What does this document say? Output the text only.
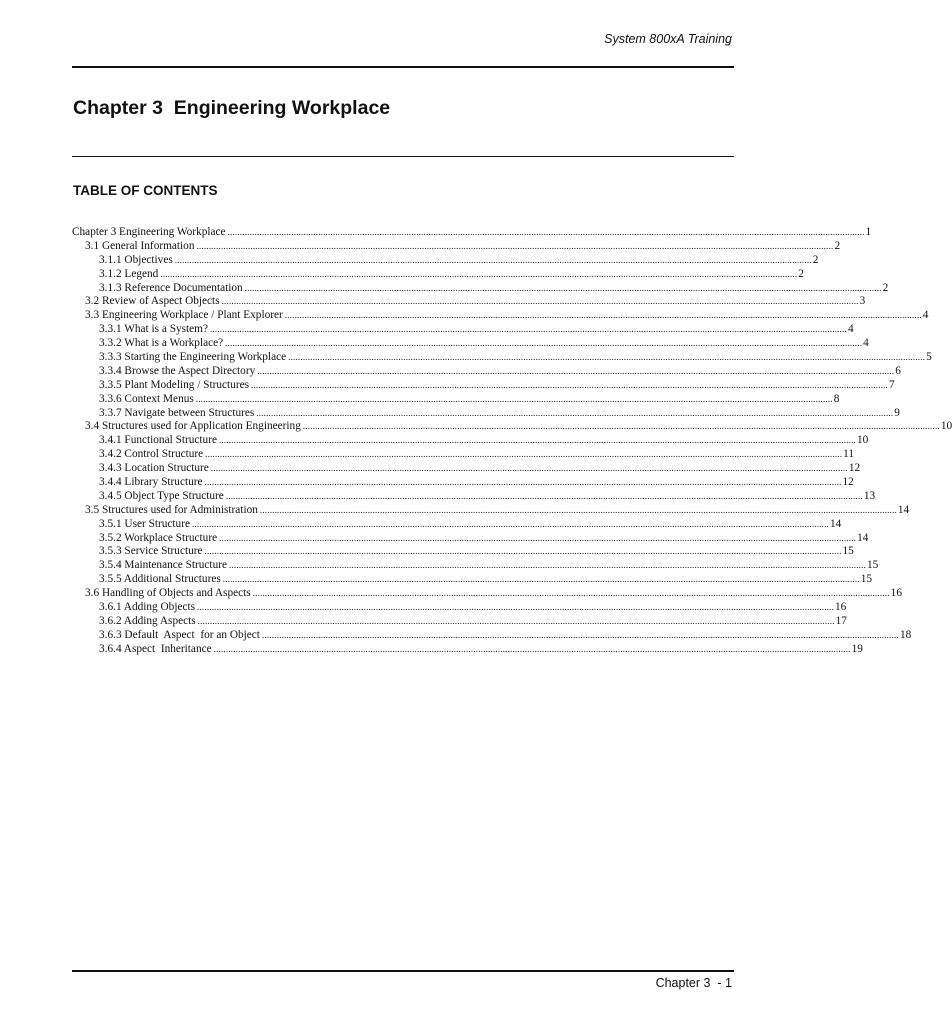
System 800xA Training
Chapter 3  Engineering Workplace
TABLE OF CONTENTS
Chapter 3 Engineering Workplace .................................................................................................................................................................................................................................................................... 1
3.1 General Information .................................................................................................................................................................................................................................................................... 2
3.1.1 Objectives .................................................................................................................................................................................................................................................................... 2
3.1.2 Legend .................................................................................................................................................................................................................................................................... 2
3.1.3 Reference Documentation .................................................................................................................................................................................................................................................................... 2
3.2 Review of Aspect Objects .................................................................................................................................................................................................................................................................... 3
3.3 Engineering Workplace / Plant Explorer .................................................................................................................................................................................................................................................................... 4
3.3.1 What is a System? .................................................................................................................................................................................................................................................................... 4
3.3.2 What is a Workplace? .................................................................................................................................................................................................................................................................... 4
3.3.3 Starting the Engineering Workplace .................................................................................................................................................................................................................................................................... 5
3.3.4 Browse the Aspect Directory .................................................................................................................................................................................................................................................................... 6
3.3.5 Plant Modeling / Structures .................................................................................................................................................................................................................................................................... 7
3.3.6 Context Menus .................................................................................................................................................................................................................................................................... 8
3.3.7 Navigate between Structures .................................................................................................................................................................................................................................................................... 9
3.4 Structures used for Application Engineering .................................................................................................................................................................................................................................................................... 10
3.4.1 Functional Structure .................................................................................................................................................................................................................................................................... 10
3.4.2 Control Structure .................................................................................................................................................................................................................................................................... 11
3.4.3 Location Structure .................................................................................................................................................................................................................................................................... 12
3.4.4 Library Structure .................................................................................................................................................................................................................................................................... 12
3.4.5 Object Type Structure .................................................................................................................................................................................................................................................................... 13
3.5 Structures used for Administration .................................................................................................................................................................................................................................................................... 14
3.5.1 User Structure .................................................................................................................................................................................................................................................................... 14
3.5.2 Workplace Structure .................................................................................................................................................................................................................................................................... 14
3.5.3 Service Structure .................................................................................................................................................................................................................................................................... 15
3.5.4 Maintenance Structure .................................................................................................................................................................................................................................................................... 15
3.5.5 Additional Structures .................................................................................................................................................................................................................................................................... 15
3.6 Handling of Objects and Aspects .................................................................................................................................................................................................................................................................... 16
3.6.1 Adding Objects .................................................................................................................................................................................................................................................................... 16
3.6.2 Adding Aspects .................................................................................................................................................................................................................................................................... 17
3.6.3 Default  Aspect  for an Object .................................................................................................................................................................................................................................................................... 18
3.6.4 Aspect  Inheritance .................................................................................................................................................................................................................................................................... 19
Chapter 3  - 1
